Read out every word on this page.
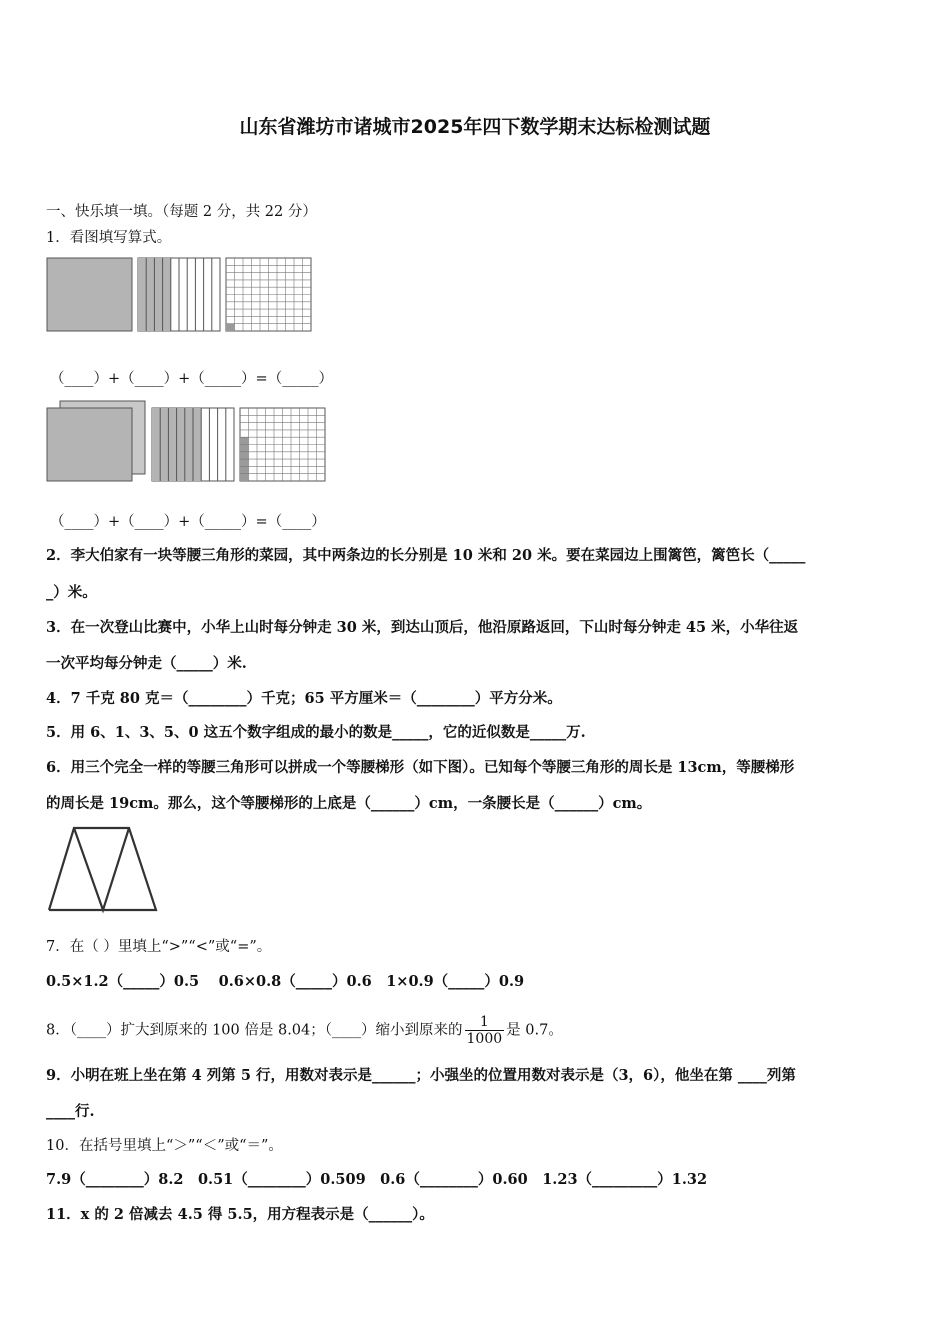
山东省潍坊市诸城市2025年四下数学期末达标检测试题
一、快乐填一填。（每题 2 分，共 22 分）
1．看图填写算式。
（____）+（____）+（_____）=（_____）
（____）+（____）+（_____）=（____）
2．李大伯家有一块等腰三角形的菜园，其中两条边的长分别是 10 米和 20 米。要在菜园边上围篱笆，篱笆长（_____
_）米。
3．在一次登山比赛中，小华上山时每分钟走 30 米，到达山顶后，他沿原路返回，下山时每分钟走 45 米，小华往返
一次平均每分钟走（_____）米.
4．7 千克 80 克＝（________）千克；65 平方厘米＝（________）平方分米。
5．用 6、1、3、5、0 这五个数字组成的最小的数是_____，它的近似数是_____万.
6．用三个完全一样的等腰三角形可以拼成一个等腰梯形（如下图）。已知每个等腰三角形的周长是 13cm，等腰梯形
的周长是 19cm。那么，这个等腰梯形的上底是（______）cm，一条腰长是（______）cm。
7．在（ ）里填上“>”“<”或“=”。
0.5×1.2（_____）0.5　 0.6×0.8（_____）0.6　1×0.9（_____）0.9
8．（____）扩大到原来的 100 倍是 8.04；（____）缩小到原来的 $\frac{1}{1000}$ 是 0.7。
9．小明在班上坐在第 4 列第 5 行，用数对表示是______；小强坐的位置用数对表示是（3，6），他坐在第 ____列第
____行.
10．在括号里填上“＞”“＜”或“＝”。
7.9（________）8.2　0.51（________）0.509　0.6（________）0.60　1.23（_________）1.32
11．x 的 2 倍减去 4.5 得 5.5，用方程表示是（______）。
